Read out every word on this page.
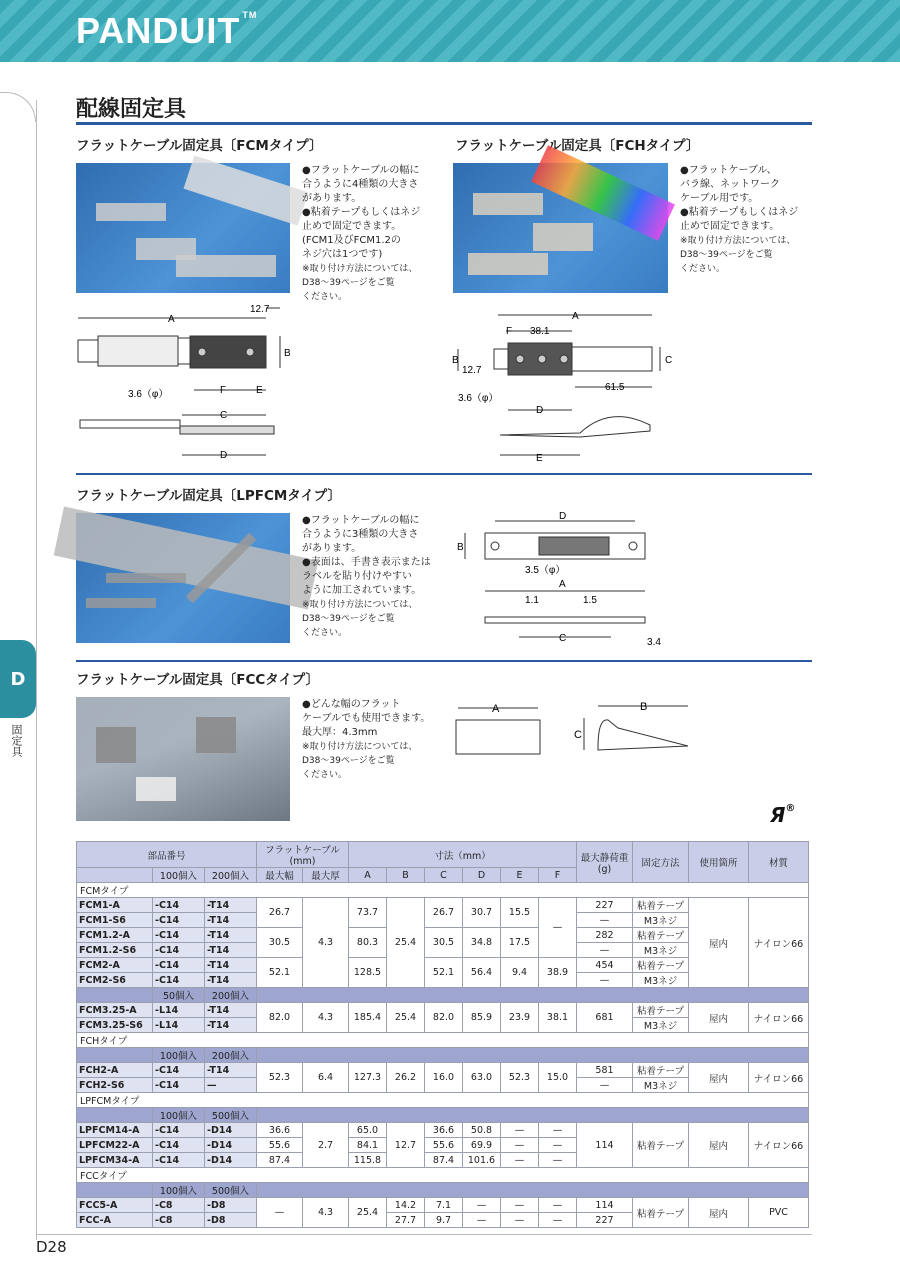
PANDUIT ™
D
固定具
配線固定具
フラットケーブル固定具〔FCMタイプ〕

●フラットケーブルの幅に

合うように4種類の大きさ

があります。

●粘着テープもしくはネジ

止めで固定できます。

(FCM1及びFCM1.2の

ネジ穴は1つです)

※取り付け方法については、

D38～39ページをご覧

ください。

A
12.7
B
F	E
3.6（φ）
C
D
フラットケーブル固定具〔FCHタイプ〕

●フラットケーブル、

バラ線、ネットワーク

ケーブル用です。

●粘着テープもしくはネジ

止めで固定できます。

※取り付け方法については、

D38～39ページをご覧

ください。

A
F 38.1
C
B
12.7
61.5
3.6（φ）
D
E
フラットケーブル固定具〔LPFCMタイプ〕

●フラットケーブルの幅に

合うように3種類の大きさ

があります。

●表面は、手書き表示または

ラベルを貼り付けやすい

ように加工されています。

※取り付け方法については、

D38～39ページをご覧

ください。

D
B
3.5（φ）
A
1.1	1.5
C	3.4
フラットケーブル固定具〔FCCタイプ〕

●どんな幅のフラット

ケーブルでも使用できます。

最大厚：4.3mm

※取り付け方法については、

D38～39ページをご覧

ください。

A
C
B
Я®
部品番号			フラットケーブル(mm)		寸法（mm）						最大静荷重
(g)	固定方法	使用箇所	材質
	100個入	200個入	最大幅	最大厚	A	B	C	D	E	F				
FCMタイプ														
FCM1-A	-C14	-T14	26.7	4.3	73.7	25.4	26.7	30.7	15.5	—	227	粘着テープ	屋内	ナイロン66
FCM1-S6	-C14	-T14									—	M3ネジ		
FCM1.2-A	-C14	-T14	30.5		80.3		30.5	34.8	17.5		282	粘着テープ		
FCM1.2-S6	-C14	-T14									—	M3ネジ		
FCM2-A	-C14	-T14	52.1		128.5		52.1	56.4	9.4	38.9	454	粘着テープ		
FCM2-S6	-C14	-T14									—	M3ネジ		
	50個入	200個入												
FCM3.25-A	-L14	-T14	82.0	4.3	185.4	25.4	82.0	85.9	23.9	38.1	681	粘着テープ	屋内	ナイロン66
FCM3.25-S6	-L14	-T14										M3ネジ		
FCHタイプ														
	100個入	200個入												
FCH2-A	-C14	-T14	52.3	6.4	127.3	26.2	16.0	63.0	52.3	15.0	581	粘着テープ	屋内	ナイロン66
FCH2-S6	-C14	—									—	M3ネジ		
LPFCMタイプ														
	100個入	500個入												
LPFCM14-A	-C14	-D14	36.6	2.7	65.0	12.7	36.6	50.8	—	—	114	粘着テープ	屋内	ナイロン66
LPFCM22-A	-C14	-D14	55.6		84.1		55.6	69.9	—	—				
LPFCM34-A	-C14	-D14	87.4		115.8		87.4	101.6	—	—				
FCCタイプ														
	100個入	500個入												
FCC5-A	-C8	-D8	—	4.3	25.4	14.2	7.1	—	—	—	114	粘着テープ	屋内	PVC
FCC-A	-C8	-D8				27.7	9.7	—	—	—	227			
D28
